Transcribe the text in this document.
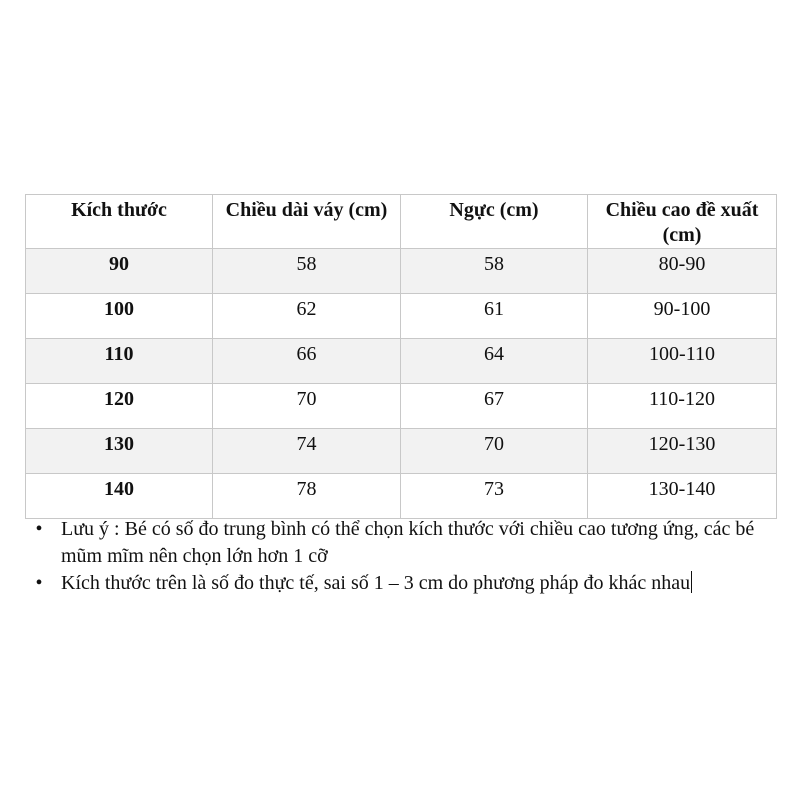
Kích thước	Chiều dài váy (cm)	Ngực (cm)	Chiều cao đề xuất (cm)
90	58	58	80-90
100	62	61	90-100
110	66	64	100-110
120	70	67	110-120
130	74	70	120-130
140	78	73	130-140
• Lưu ý : Bé có số đo trung bình có thể chọn kích thước với chiều cao tương ứng, các bé mũm mĩm nên chọn lớn hơn 1 cỡ
• Kích thước trên là số đo thực tế, sai số 1 – 3 cm do phương pháp đo khác nhau
